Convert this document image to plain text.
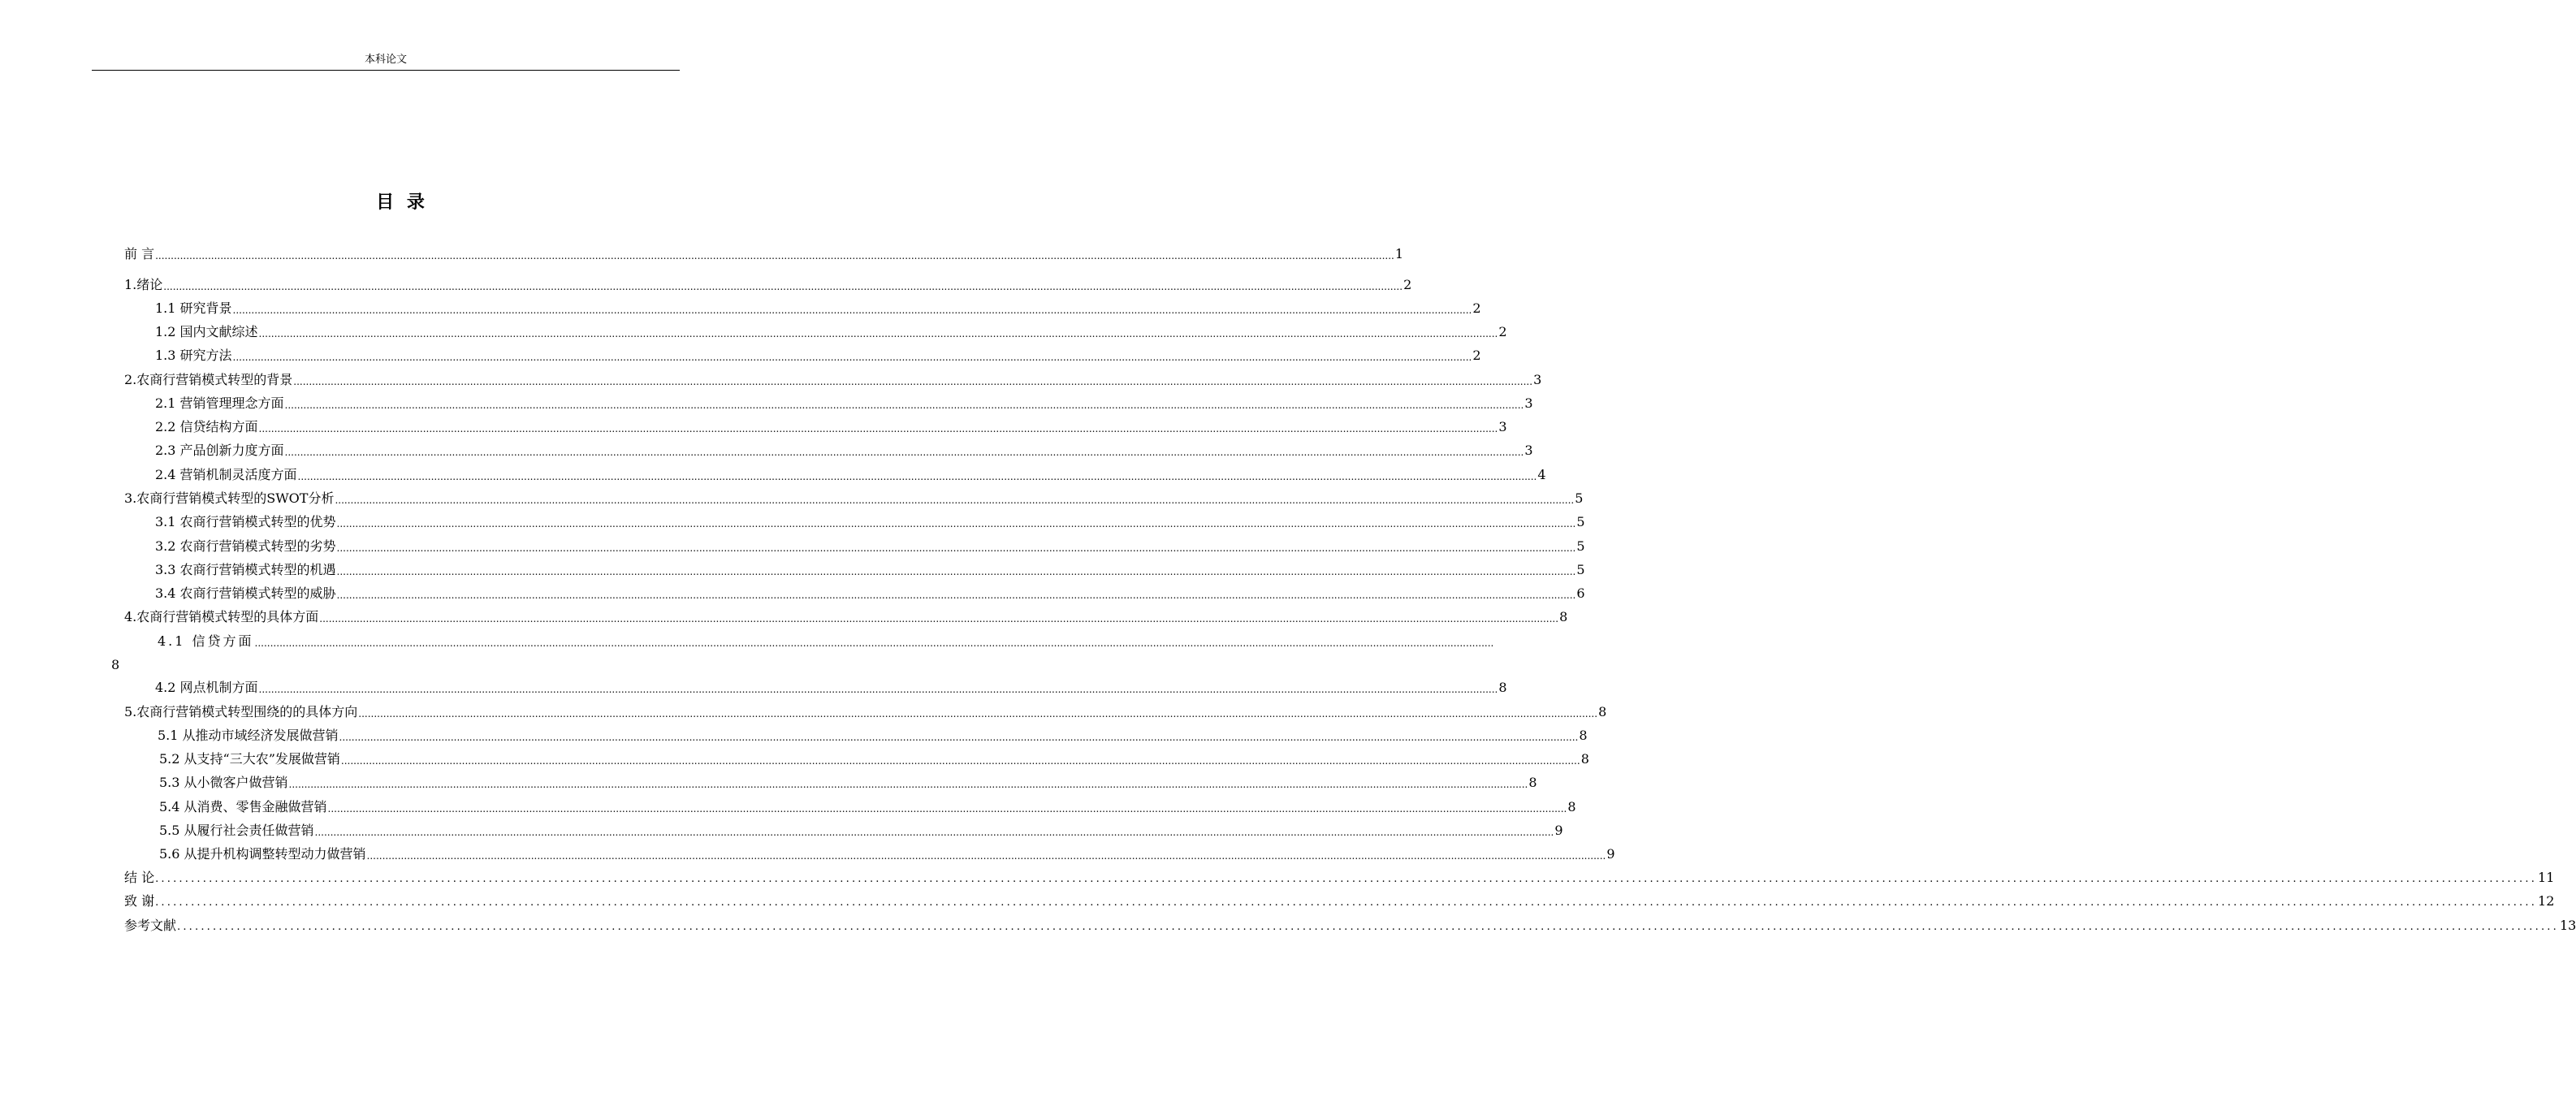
本科论文
目 录
前 言 ................................................................................................................................................................................................................................................................................................................................................................................................................ 1
1.绪论 ................................................................................................................................................................................................................................................................................................................................................................................................................ 2
1.1 研究背景 ................................................................................................................................................................................................................................................................................................................................................................................................................ 2
1.2 国内文献综述 ................................................................................................................................................................................................................................................................................................................................................................................................................ 2
1.3 研究方法 ................................................................................................................................................................................................................................................................................................................................................................................................................ 2
2.农商行营销模式转型的背景 ................................................................................................................................................................................................................................................................................................................................................................................................................ 3
2.1 营销管理理念方面 ................................................................................................................................................................................................................................................................................................................................................................................................................ 3
2.2 信贷结构方面 ................................................................................................................................................................................................................................................................................................................................................................................................................ 3
2.3 产品创新力度方面 ................................................................................................................................................................................................................................................................................................................................................................................................................ 3
2.4 营销机制灵活度方面 ................................................................................................................................................................................................................................................................................................................................................................................................................ 4
3.农商行营销模式转型的SWOT分析 ................................................................................................................................................................................................................................................................................................................................................................................................................ 5
3.1 农商行营销模式转型的优势 ................................................................................................................................................................................................................................................................................................................................................................................................................ 5
3.2 农商行营销模式转型的劣势 ................................................................................................................................................................................................................................................................................................................................................................................................................ 5
3.3 农商行营销模式转型的机遇 ................................................................................................................................................................................................................................................................................................................................................................................................................ 5
3.4 农商行营销模式转型的威胁 ................................................................................................................................................................................................................................................................................................................................................................................................................ 6
4.农商行营销模式转型的具体方面 ................................................................................................................................................................................................................................................................................................................................................................................................................ 8
4.1 信贷方面 ................................................................................................................................................................................................................................................................................................................................................................................................................
8
4.2 网点机制方面 ................................................................................................................................................................................................................................................................................................................................................................................................................ 8
5.农商行营销模式转型围绕的的具体方向 ................................................................................................................................................................................................................................................................................................................................................................................................................ 8
5.1 从推动市域经济发展做营销 ................................................................................................................................................................................................................................................................................................................................................................................................................ 8
5.2 从支持“三大农”发展做营销 ................................................................................................................................................................................................................................................................................................................................................................................................................ 8
5.3 从小微客户做营销 ................................................................................................................................................................................................................................................................................................................................................................................................................ 8
5.4 从消费、零售金融做营销 ................................................................................................................................................................................................................................................................................................................................................................................................................ 8
5.5 从履行社会责任做营销 ................................................................................................................................................................................................................................................................................................................................................................................................................ 9
5.6 从提升机构调整转型动力做营销 ................................................................................................................................................................................................................................................................................................................................................................................................................ 9
结 论 ................................................................................................................................................................................................................................................................................................................................................................................................................ 11
致 谢 ................................................................................................................................................................................................................................................................................................................................................................................................................ 12
参考文献 ................................................................................................................................................................................................................................................................................................................................................................................................................ 13
